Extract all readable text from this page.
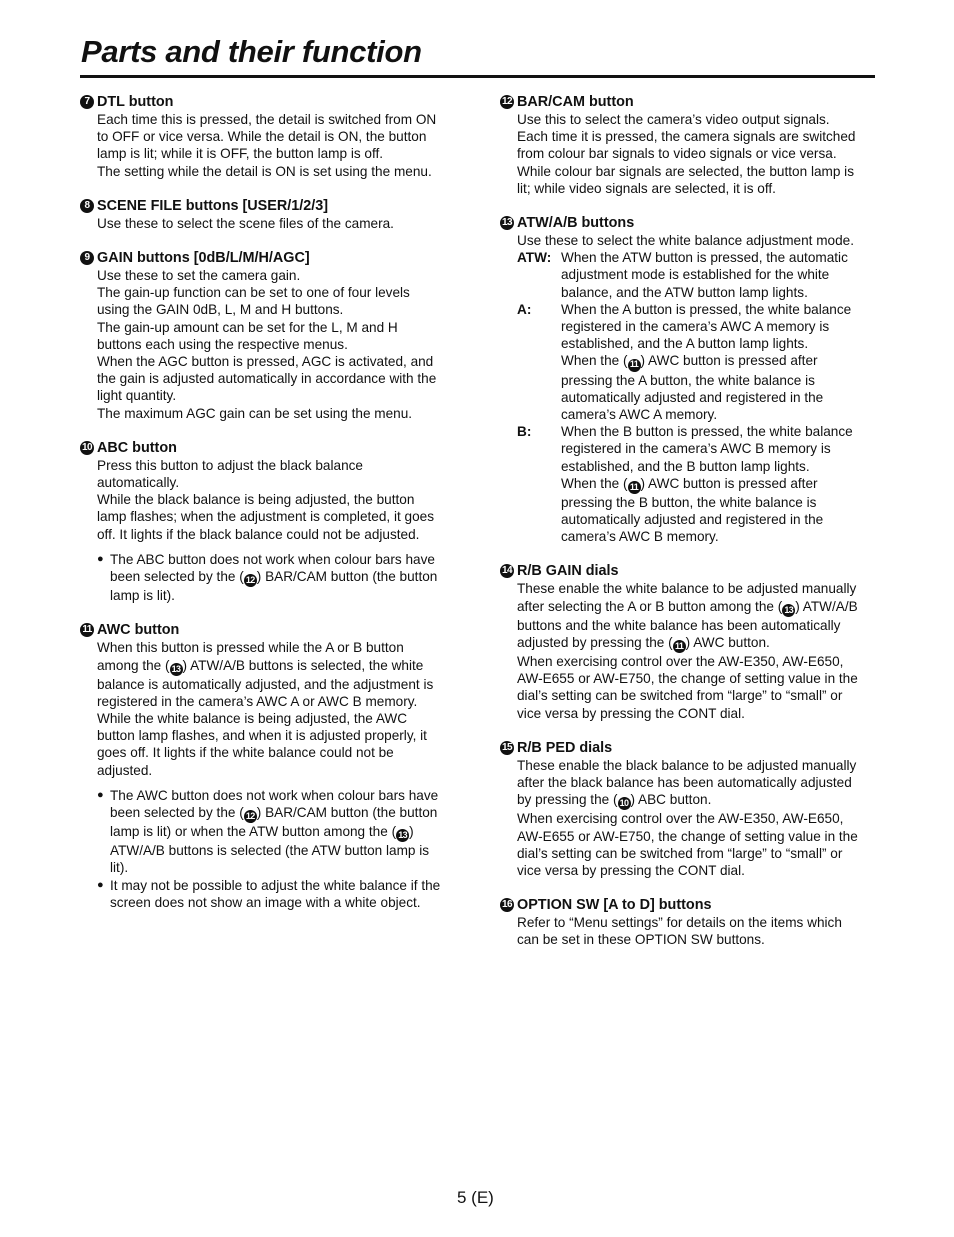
Parts and their function
7 DTL button

Each time this is pressed, the detail is switched from ON

to OFF or vice versa. While the detail is ON, the button

lamp is lit; while it is OFF, the button lamp is off.

The setting while the detail is ON is set using the menu.

8 SCENE FILE buttons [USER/1/2/3]

Use these to select the scene files of the camera.

9 GAIN buttons [0dB/L/M/H/AGC]

Use these to set the camera gain.

The gain-up function can be set to one of four levels

using the GAIN 0dB, L, M and H buttons.

The gain-up amount can be set for the L, M and H

buttons each using the respective menus.

When the AGC button is pressed, AGC is activated, and

the gain is adjusted automatically in accordance with the

light quantity.

The maximum AGC gain can be set using the menu.

10 ABC button

Press this button to adjust the black balance

automatically.

While the black balance is being adjusted, the button

lamp flashes; when the adjustment is completed, it goes

off. It lights if the black balance could not be adjusted.

● The ABC button does not work when colour bars have

been selected by the ( 12 ) BAR/CAM button (the button

lamp is lit).

11 AWC button

When this button is pressed while the A or B button

among the ( 13 ) ATW/A/B buttons is selected, the white

balance is automatically adjusted, and the adjustment is

registered in the camera’s AWC A or AWC B memory.

While the white balance is being adjusted, the AWC

button lamp flashes, and when it is adjusted properly, it

goes off. It lights if the white balance could not be

adjusted.

● The AWC button does not work when colour bars have

been selected by the ( 12 ) BAR/CAM button (the button

lamp is lit) or when the ATW button among the ( 13 )

ATW/A/B buttons is selected (the ATW button lamp is

lit).

● It may not be possible to adjust the white balance if the

screen does not show an image with a white object.

12 BAR/CAM button

Use this to select the camera’s video output signals.

Each time it is pressed, the camera signals are switched

from colour bar signals to video signals or vice versa.

While colour bar signals are selected, the button lamp is

lit; while video signals are selected, it is off.

13 ATW/A/B buttons

Use these to select the white balance adjustment mode.

ATW: When the ATW button is pressed, the automatic

adjustment mode is established for the white

balance, and the ATW button lamp lights.

A:	When the A button is pressed, the white balance

registered in the camera’s AWC A memory is

established, and the A button lamp lights.

When the ( 11 ) AWC button is pressed after

pressing the A button, the white balance is

automatically adjusted and registered in the

camera’s AWC A memory.

B:	When the B button is pressed, the white balance

registered in the camera’s AWC B memory is

established, and the B button lamp lights.

When the ( 11 ) AWC button is pressed after

pressing the B button, the white balance is

automatically adjusted and registered in the

camera’s AWC B memory.

14 R/B GAIN dials

These enable the white balance to be adjusted manually

after selecting the A or B button among the ( 13 ) ATW/A/B

buttons and the white balance has been automatically

adjusted by pressing the ( 11 ) AWC button.

When exercising control over the AW-E350, AW-E650,

AW-E655 or AW-E750, the change of setting value in the

dial’s setting can be switched from “large” to “small” or

vice versa by pressing the CONT dial.

15 R/B PED dials

These enable the black balance to be adjusted manually

after the black balance has been automatically adjusted

by pressing the ( 10 ) ABC button.

When exercising control over the AW-E350, AW-E650,

AW-E655 or AW-E750, the change of setting value in the

dial’s setting can be switched from “large” to “small” or

vice versa by pressing the CONT dial.

16 OPTION SW [A to D] buttons

Refer to “Menu settings” for details on the items which

can be set in these OPTION SW buttons.

5 (E)
